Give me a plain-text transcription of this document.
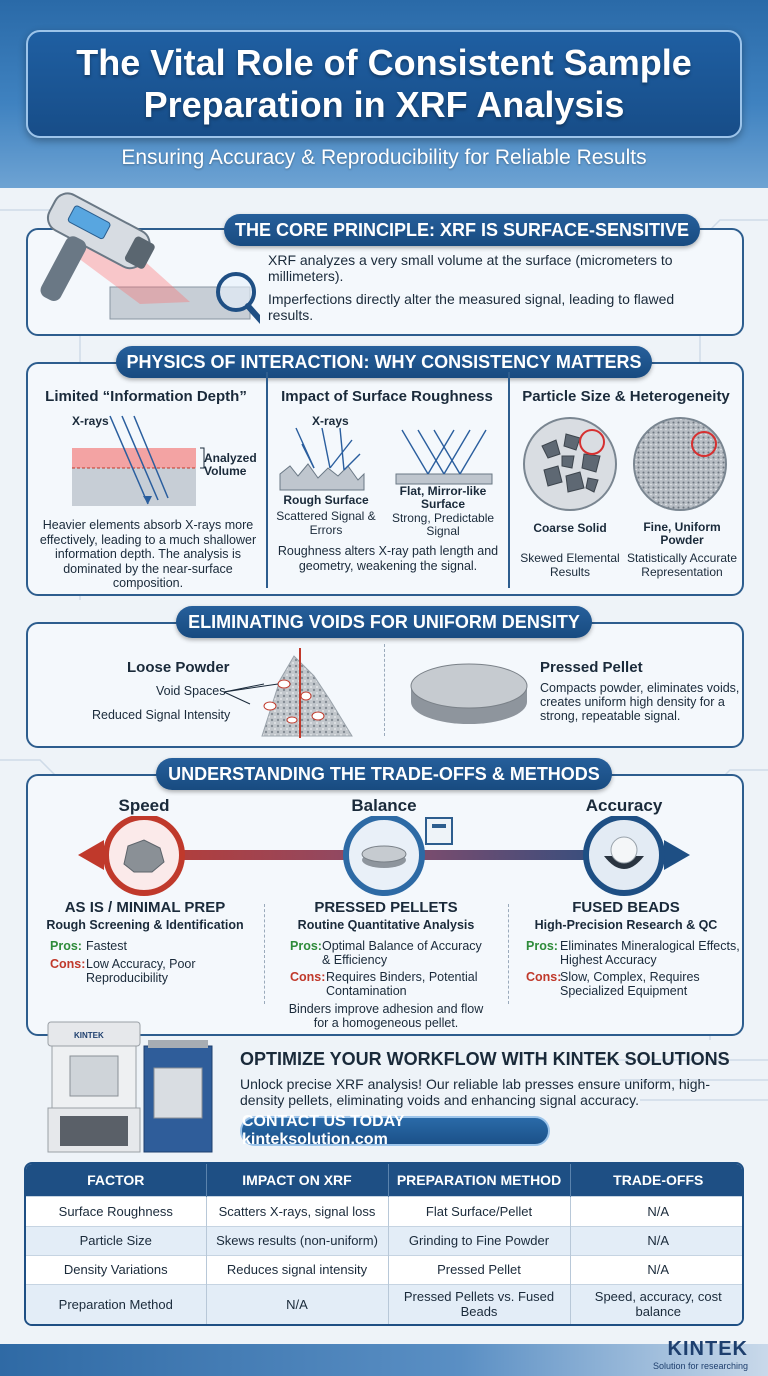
The Vital Role of Consistent Sample Preparation in XRF Analysis
Ensuring Accuracy & Reproducibility for Reliable Results
THE CORE PRINCIPLE: XRF IS SURFACE-SENSITIVE
XRF analyzes a very small volume at the surface (micrometers to millimeters).
Imperfections directly alter the measured signal, leading to flawed results.
PHYSICS OF INTERACTION: WHY CONSISTENCY MATTERS
Limited “Information Depth”
X-rays
Analyzed Volume
Heavier elements absorb X-rays more effectively, leading to a much shallower information depth. The analysis is dominated by the near-surface composition.
Impact of Surface Roughness
X-rays
Rough Surface
Scattered Signal & Errors
Flat, Mirror-like Surface
Strong, Predictable Signal
Roughness alters X-ray path length and geometry, weakening the signal.
Particle Size & Heterogeneity
Coarse Solid
Skewed Elemental Results
Fine, Uniform Powder
Statistically Accurate Representation
ELIMINATING VOIDS FOR UNIFORM DENSITY
Loose Powder
Void Spaces
Reduced Signal Intensity
Pressed Pellet
Compacts powder, eliminates voids, creates uniform high density for a strong, repeatable signal.
UNDERSTANDING THE TRADE-OFFS & METHODS
Speed	Balance	Accuracy
AS IS / MINIMAL PREP
Rough Screening & Identification
Pros: Fastest
Cons: Low Accuracy, Poor Reproducibility
PRESSED PELLETS
Routine Quantitative Analysis
Pros: Optimal Balance of Accuracy & Efficiency
Cons: Requires Binders, Potential Contamination
Binders improve adhesion and flow for a homogeneous pellet.
FUSED BEADS
High-Precision Research & QC
Pros: Eliminates Mineralogical Effects, Highest Accuracy
Cons:
Slow, Complex, Requires Specialized Equipment
KINTEK
OPTIMIZE YOUR WORKFLOW WITH KINTEK SOLUTIONS
Unlock precise XRF analysis! Our reliable lab presses ensure uniform, high-density pellets, eliminating voids and enhancing signal accuracy.
CONTACT US TODAY kinteksolution.com
FACTOR	IMPACT ON XRF	PREPARATION METHOD	TRADE-OFFS
Surface Roughness	Scatters X-rays, signal loss	Flat Surface/Pellet	N/A
Particle Size	Skews results (non-uniform)	Grinding to Fine Powder	N/A
Density Variations	Reduces signal intensity	Pressed Pellet	N/A
Preparation Method	N/A	Pressed Pellets vs. Fused Beads	Speed, accuracy, cost balance
KINTEK
Solution for researching
